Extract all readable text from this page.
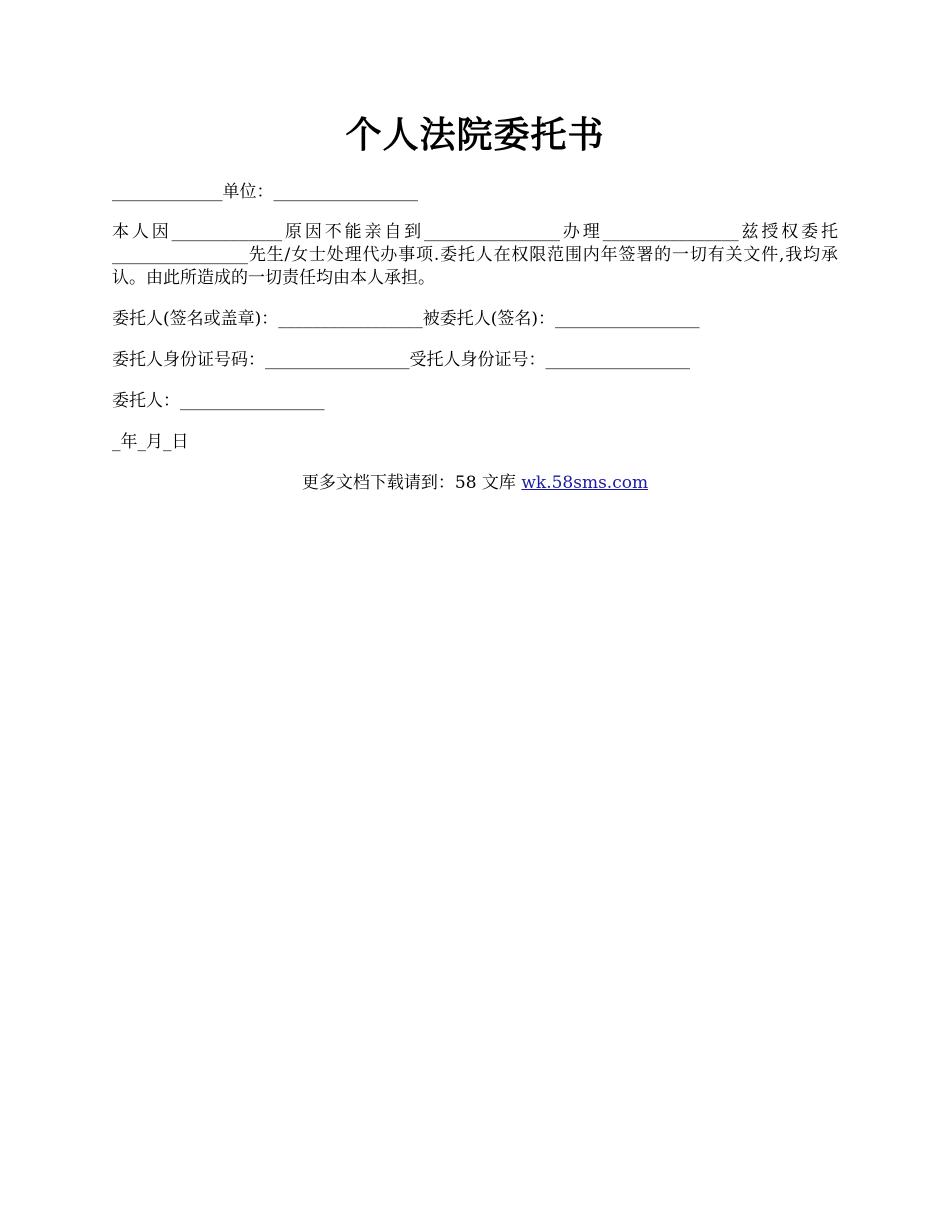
个人法院委托书
_____________单位：_________________
本人因_____________原因不能亲自到________________办理________________兹授权委托________________先生/女士处理代办事项.委托人在权限范围内年签署的一切有关文件,我均承认。由此所造成的一切责任均由本人承担。
委托人(签名或盖章)：_________________被委托人(签名)：_________________
委托人身份证号码：_________________受托人身份证号：_________________
委托人：_________________
_年_月_日
更多文档下载请到：58 文库 wk.58sms.com
